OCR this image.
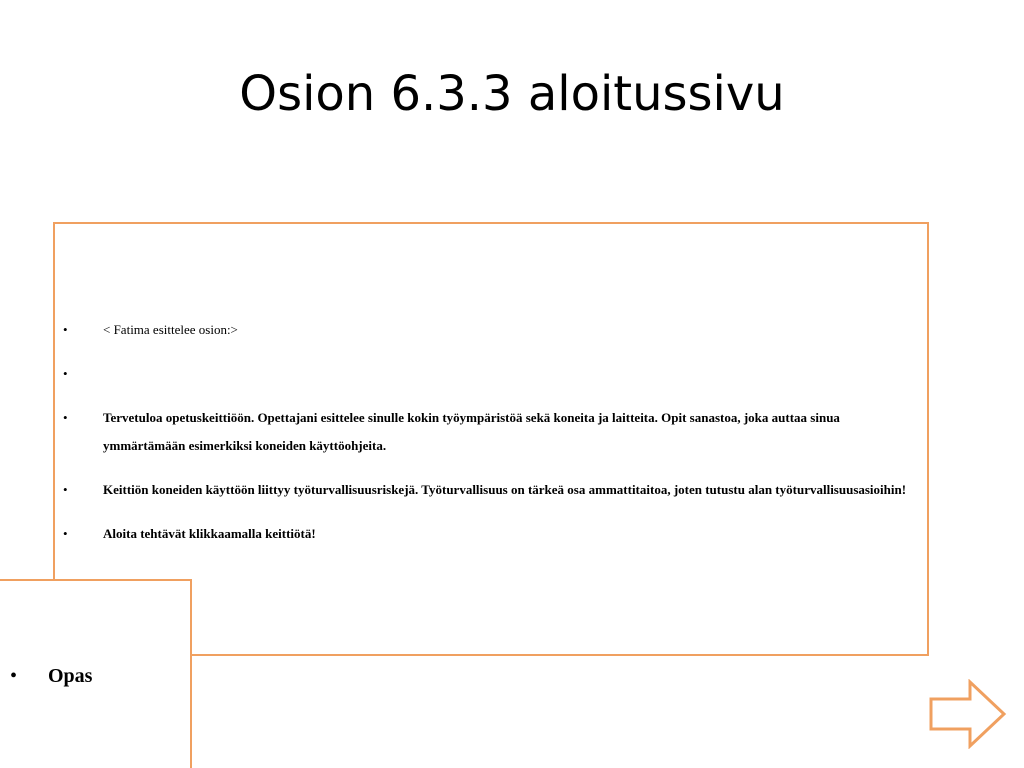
Osion 6.3.3 aloitussivu
•	< Fatima esittelee osion:>
•
•	Tervetuloa opetuskeittiöön. Opettajani esittelee sinulle kokin työympäristöä sekä koneita ja laitteita. Opit sanastoa, joka auttaa sinua ymmärtämään esimerkiksi koneiden käyttöohjeita.
•	Keittiön koneiden käyttöön liittyy työturvallisuusriskejä. Työturvallisuus on tärkeä osa ammattitaitoa, joten tutustu alan työturvallisuusasioihin!
•	Aloita tehtävät klikkaamalla keittiötä!
• Opas
